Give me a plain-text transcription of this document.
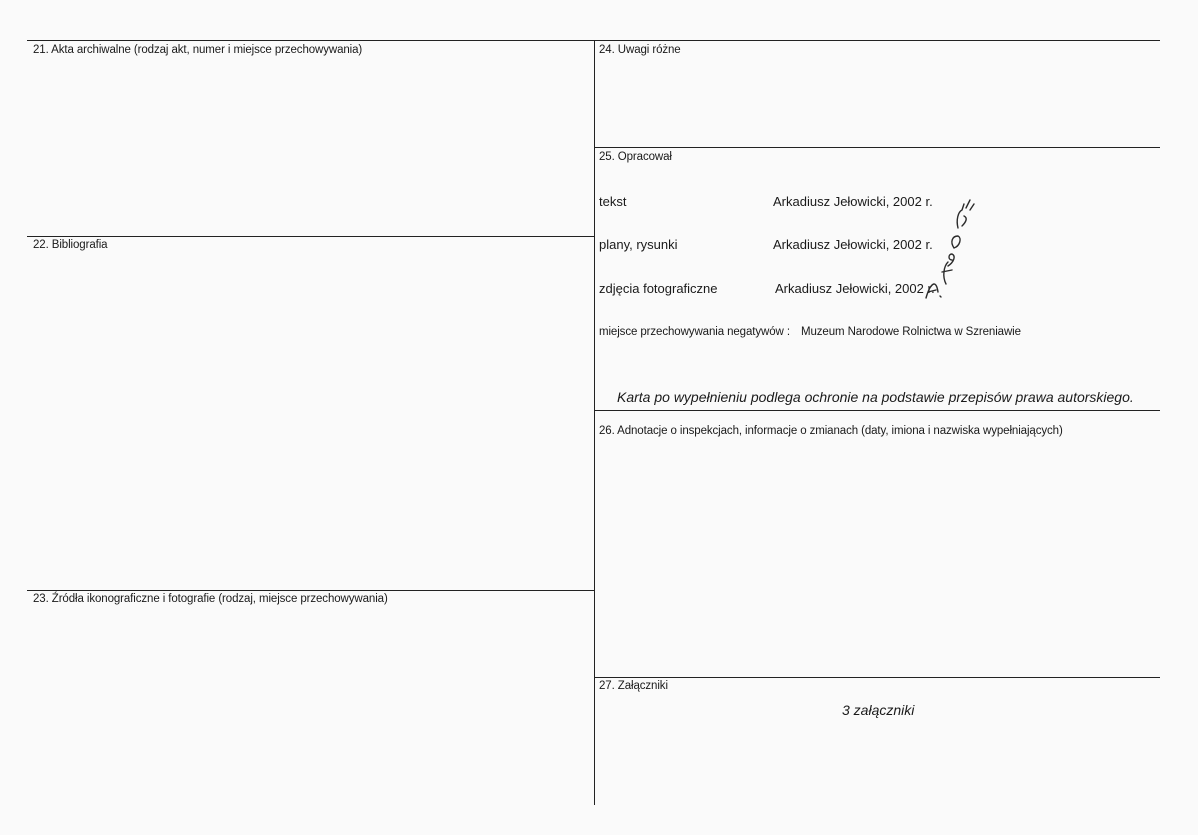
21. Akta archiwalne (rodzaj akt, numer i miejsce przechowywania)
22. Bibliografia
23. Źródła ikonograficzne i fotografie (rodzaj, miejsce przechowywania)
24. Uwagi różne
25. Opracował
tekst	Arkadiusz Jełowicki, 2002 r.
plany, rysunki	Arkadiusz Jełowicki, 2002 r.
zdjęcia fotograficzne	Arkadiusz Jełowicki, 2002 r.
miejsce przechowywania negatywów : Muzeum Narodowe Rolnictwa w Szreniawie
Karta po wypełnieniu podlega ochronie na podstawie przepisów prawa autorskiego.
26. Adnotacje o inspekcjach, informacje o zmianach (daty, imiona i nazwiska wypełniających)
27. Załączniki
3 załączniki
